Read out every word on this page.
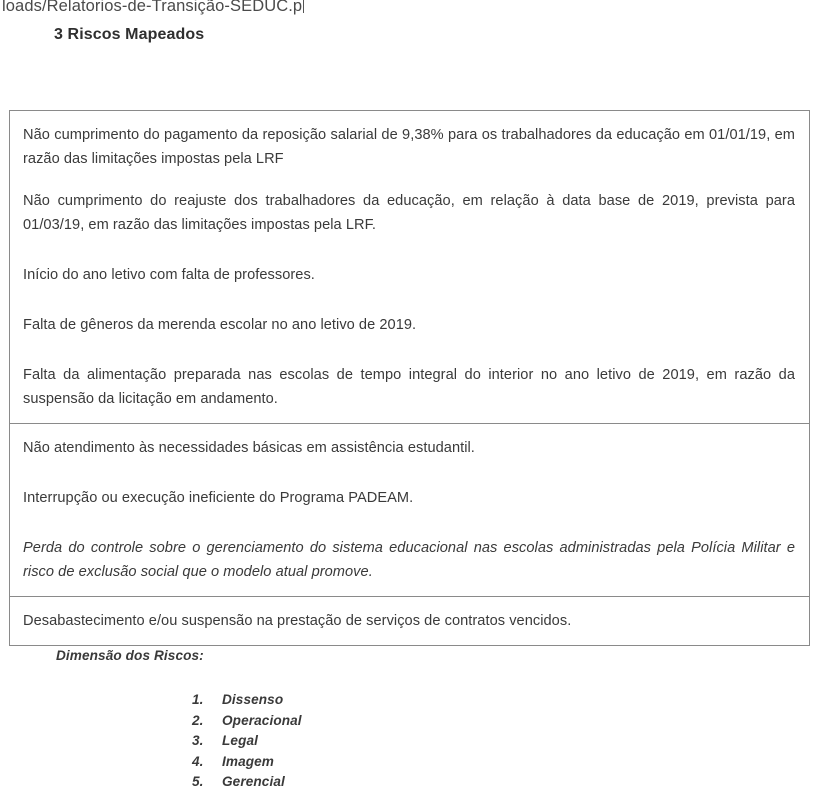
loads/Relatorios-de-Transição-SEDUC.p
3 Riscos Mapeados

Não cumprimento do pagamento da reposição salarial de 9,38% para os trabalhadores da educação em 01/01/19, em razão das limitações impostas pela LRF

Não cumprimento do reajuste dos trabalhadores da educação, em relação à data base de 2019, prevista para 01/03/19, em razão das limitações impostas pela LRF.

Início do ano letivo com falta de professores.

Falta de gêneros da merenda escolar no ano letivo de 2019.

Falta da alimentação preparada nas escolas de tempo integral do interior no ano letivo de 2019, em razão da suspensão da licitação em andamento.

Não atendimento às necessidades básicas em assistência estudantil.

Interrupção ou execução ineficiente do Programa PADEAM.

Perda do controle sobre o gerenciamento do sistema educacional nas escolas administradas pela Polícia Militar e risco de exclusão social que o modelo atual promove.

Desabastecimento e/ou suspensão na prestação de serviços de contratos vencidos.

Dimensão dos Riscos:
1. Dissenso
2. Operacional
3. Legal
4. Imagem
5. Gerencial
